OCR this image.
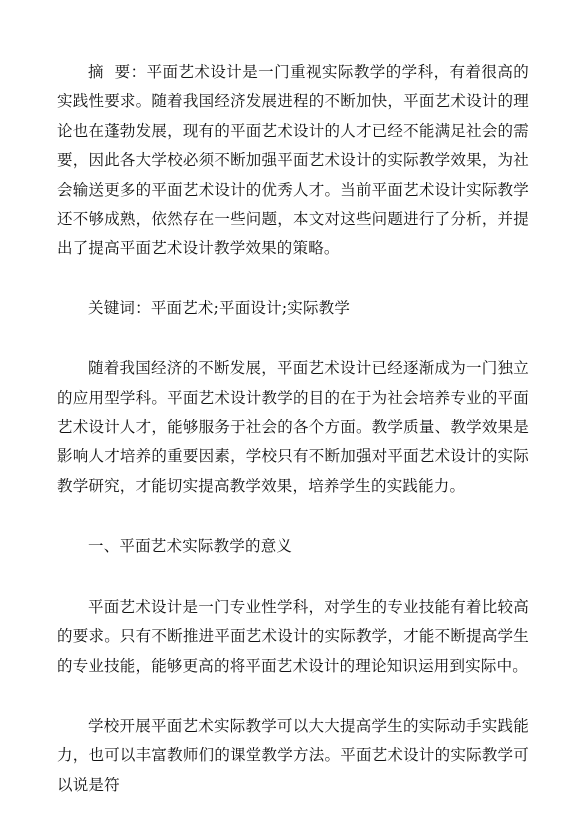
摘  要：平面艺术设计是一门重视实际教学的学科，有着很高的实践性要求。随着我国经济发展进程的不断加快，平面艺术设计的理论也在蓬勃发展，现有的平面艺术设计的人才已经不能满足社会的需要，因此各大学校必须不断加强平面艺术设计的实际教学效果，为社会输送更多的平面艺术设计的优秀人才。当前平面艺术设计实际教学还不够成熟，依然存在一些问题，本文对这些问题进行了分析，并提出了提高平面艺术设计教学效果的策略。

关键词：平面艺术;平面设计;实际教学

随着我国经济的不断发展，平面艺术设计已经逐渐成为一门独立的应用型学科。平面艺术设计教学的目的在于为社会培养专业的平面艺术设计人才，能够服务于社会的各个方面。教学质量、教学效果是影响人才培养的重要因素，学校只有不断加强对平面艺术设计的实际教学研究，才能切实提高教学效果，培养学生的实践能力。

一、平面艺术实际教学的意义

平面艺术设计是一门专业性学科，对学生的专业技能有着比较高的要求。只有不断推进平面艺术设计的实际教学，才能不断提高学生的专业技能，能够更高的将平面艺术设计的理论知识运用到实际中。

学校开展平面艺术实际教学可以大大提高学生的实际动手实践能力，也可以丰富教师们的课堂教学方法。平面艺术设计的实际教学可以说是符
